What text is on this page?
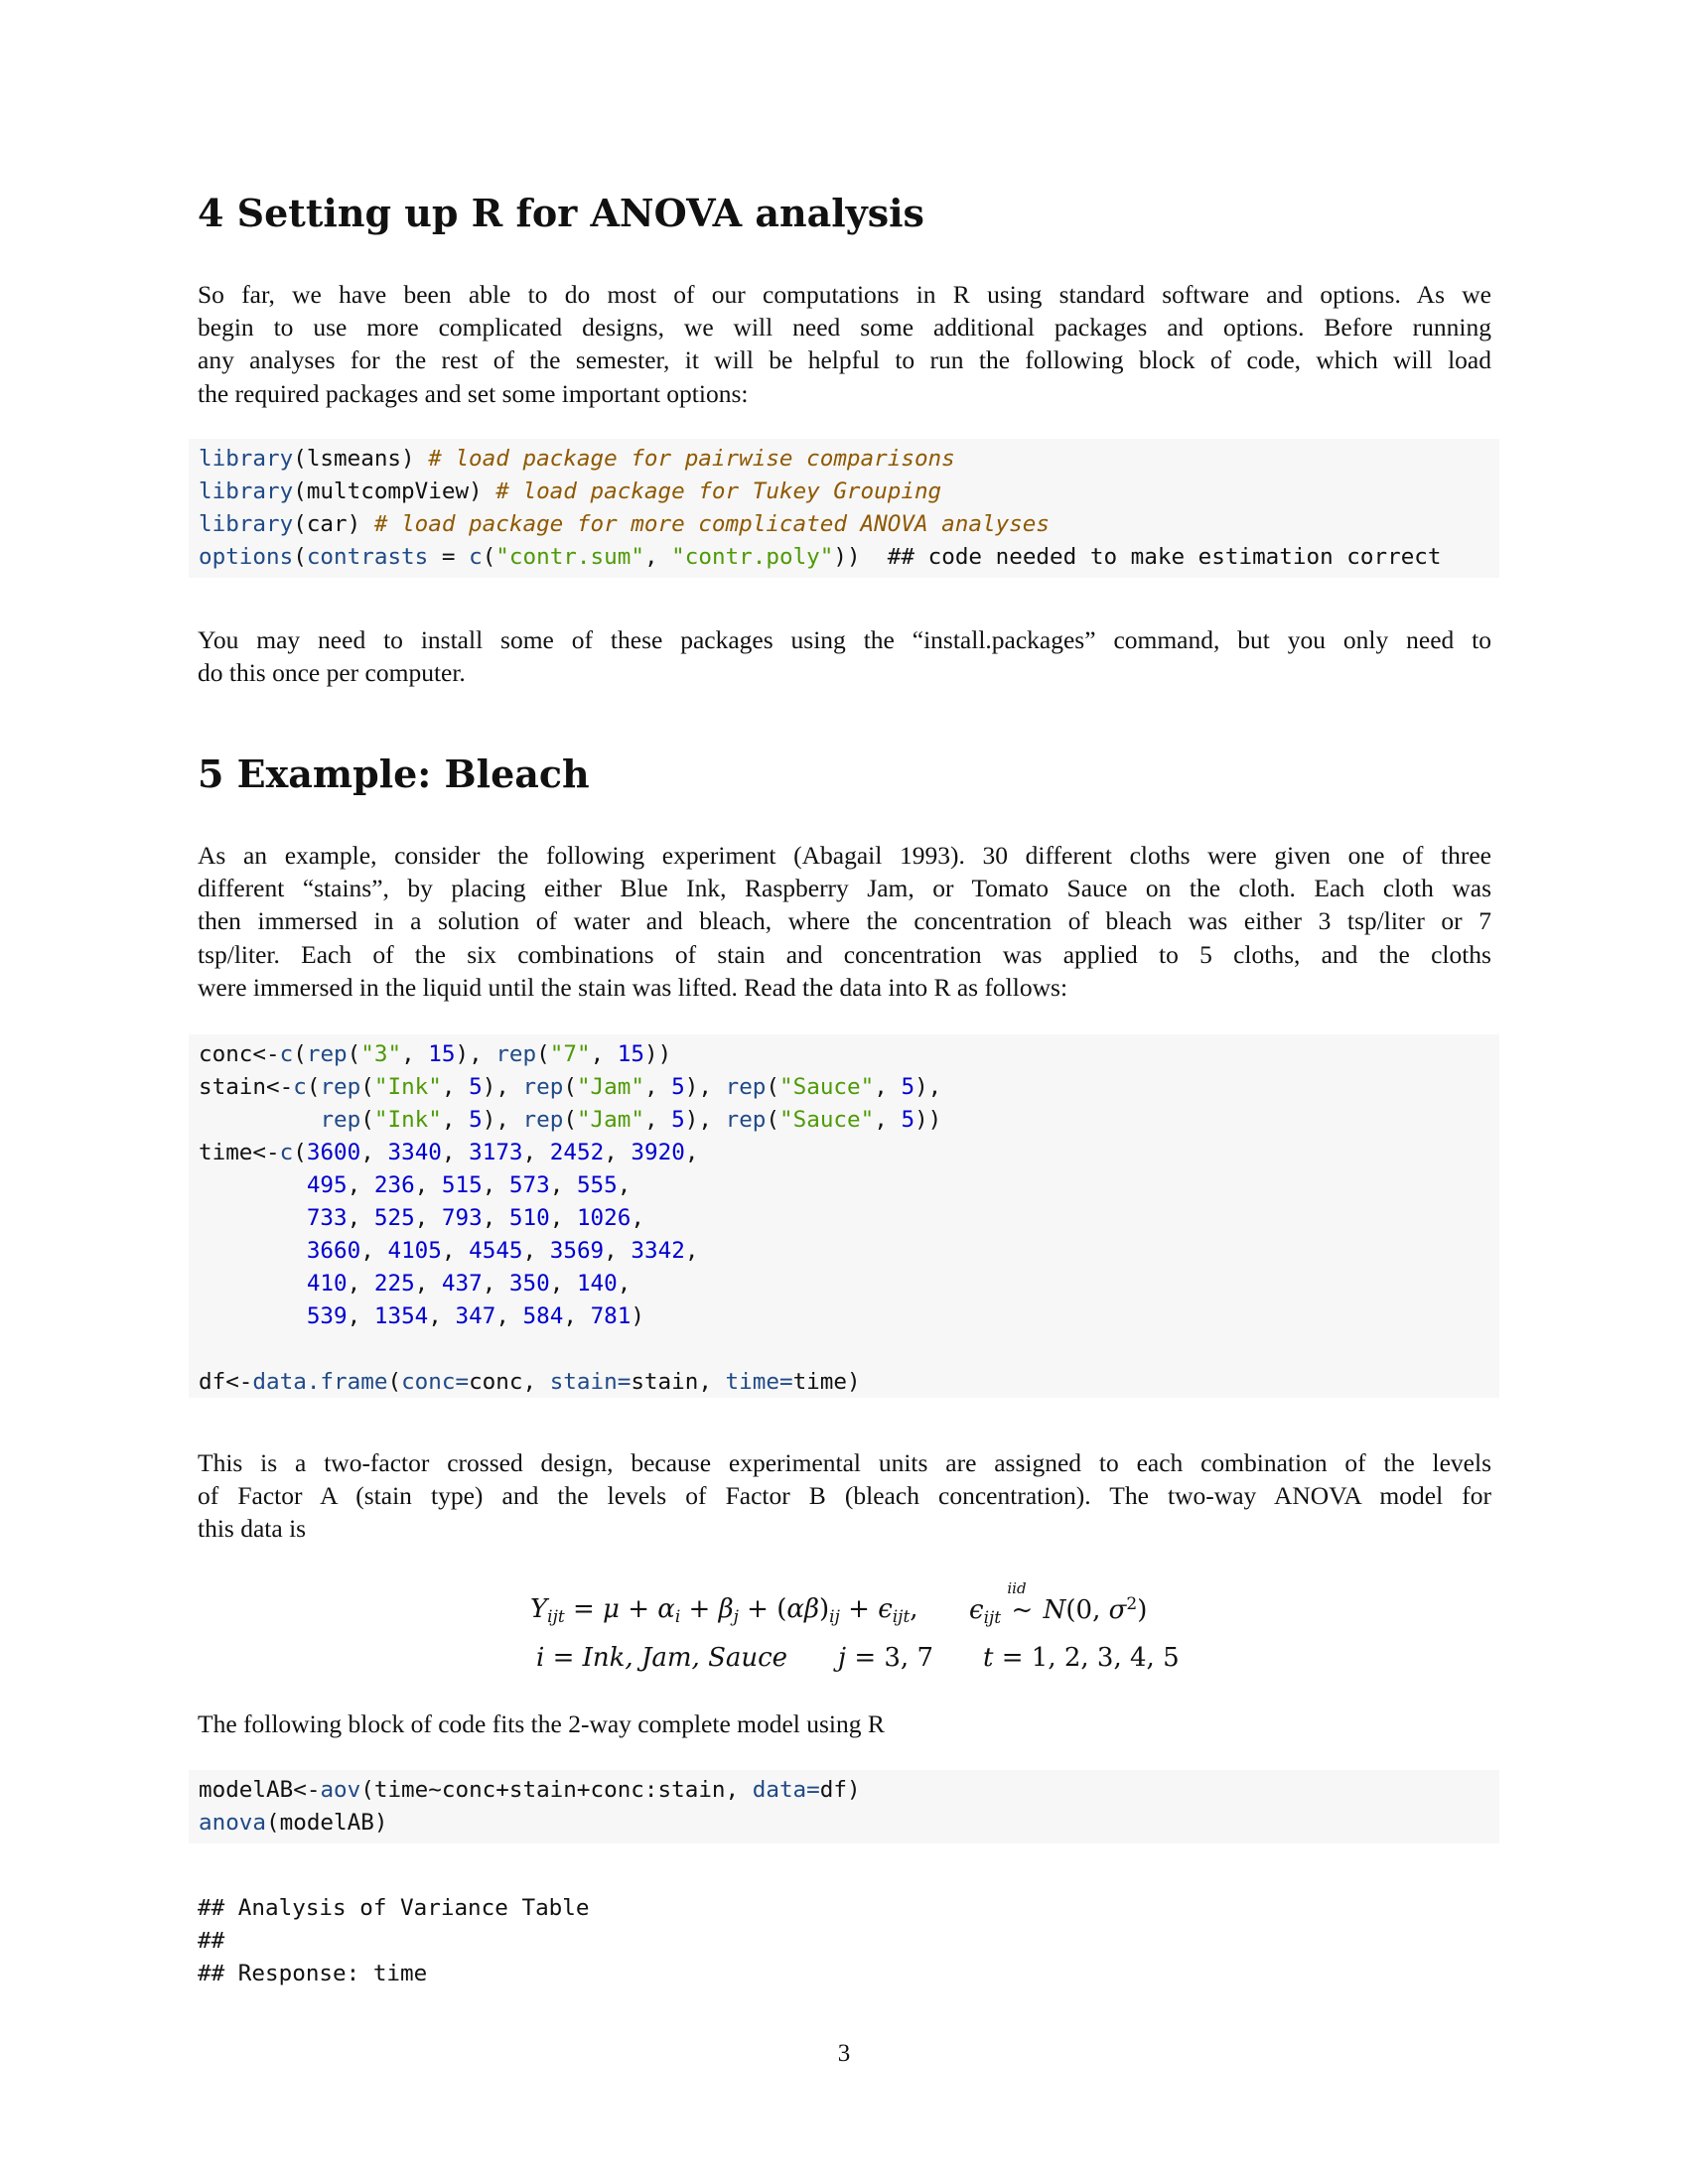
4 Setting up R for ANOVA analysis
So far, we have been able to do most of our computations in R using standard software and options. As we
begin to use more complicated designs, we will need some additional packages and options. Before running
any analyses for the rest of the semester, it will be helpful to run the following block of code, which will load
the required packages and set some important options:
library(lsmeans) # load package for pairwise comparisons
library(multcompView) # load package for Tukey Grouping
library(car) # load package for more complicated ANOVA analyses
options(contrasts = c("contr.sum", "contr.poly"))  ## code needed to make estimation correct
You may need to install some of these packages using the “install.packages” command, but you only need to
do this once per computer.
5 Example: Bleach
As an example, consider the following experiment (Abagail 1993). 30 different cloths were given one of three
different “stains”, by placing either Blue Ink, Raspberry Jam, or Tomato Sauce on the cloth. Each cloth was
then immersed in a solution of water and bleach, where the concentration of bleach was either 3 tsp/liter or 7
tsp/liter. Each of the six combinations of stain and concentration was applied to 5 cloths, and the cloths
were immersed in the liquid until the stain was lifted. Read the data into R as follows:
conc<-c(rep("3", 15), rep("7", 15))
stain<-c(rep("Ink", 5), rep("Jam", 5), rep("Sauce", 5),
rep("Ink", 5), rep("Jam", 5), rep("Sauce", 5))
time<-c(3600, 3340, 3173, 2452, 3920,
495, 236, 515, 573, 555,
733, 525, 793, 510, 1026,
3660, 4105, 4545, 3569, 3342,
410, 225, 437, 350, 140,
539, 1354, 347, 584, 781)
df<-data.frame(conc=conc, stain=stain, time=time)
This is a two-factor crossed design, because experimental units are assigned to each combination of the levels
of Factor A (stain type) and the levels of Factor B (bleach concentration). The two-way ANOVA model for
this data is
$Y_{ijt} = \mu + \alpha_i + \beta_j + (\alpha\beta)_{ij} + \epsilon_{ijt}$, $\epsilon_{ijt}$
iid
~ N(0, $\sigma^2$)
i = Ink, Jam, Sauce j = 3, 7 t = 1, 2, 3, 4, 5
The following block of code fits the 2-way complete model using R
modelAB<-aov(time~conc+stain+conc:stain, data=df)
anova(modelAB)
## Analysis of Variance Table
##
## Response: time
3
